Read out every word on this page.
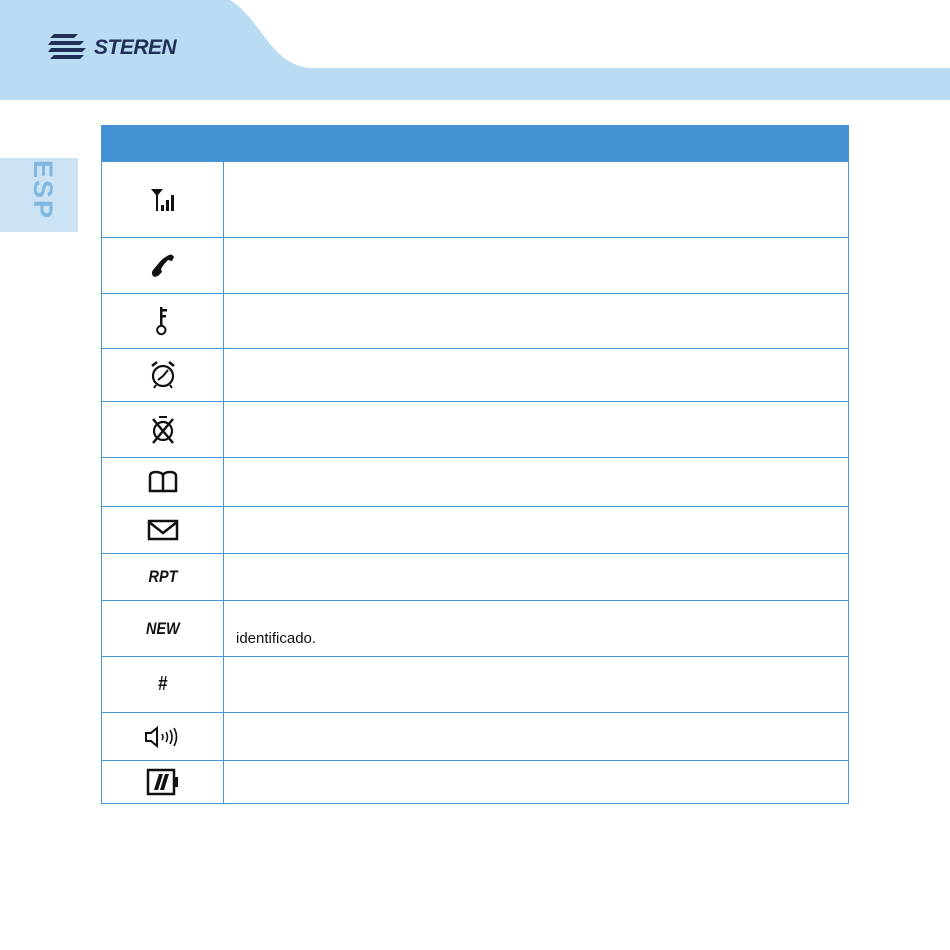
STEREN
ESP
RPT
NEW
identificado.
#
